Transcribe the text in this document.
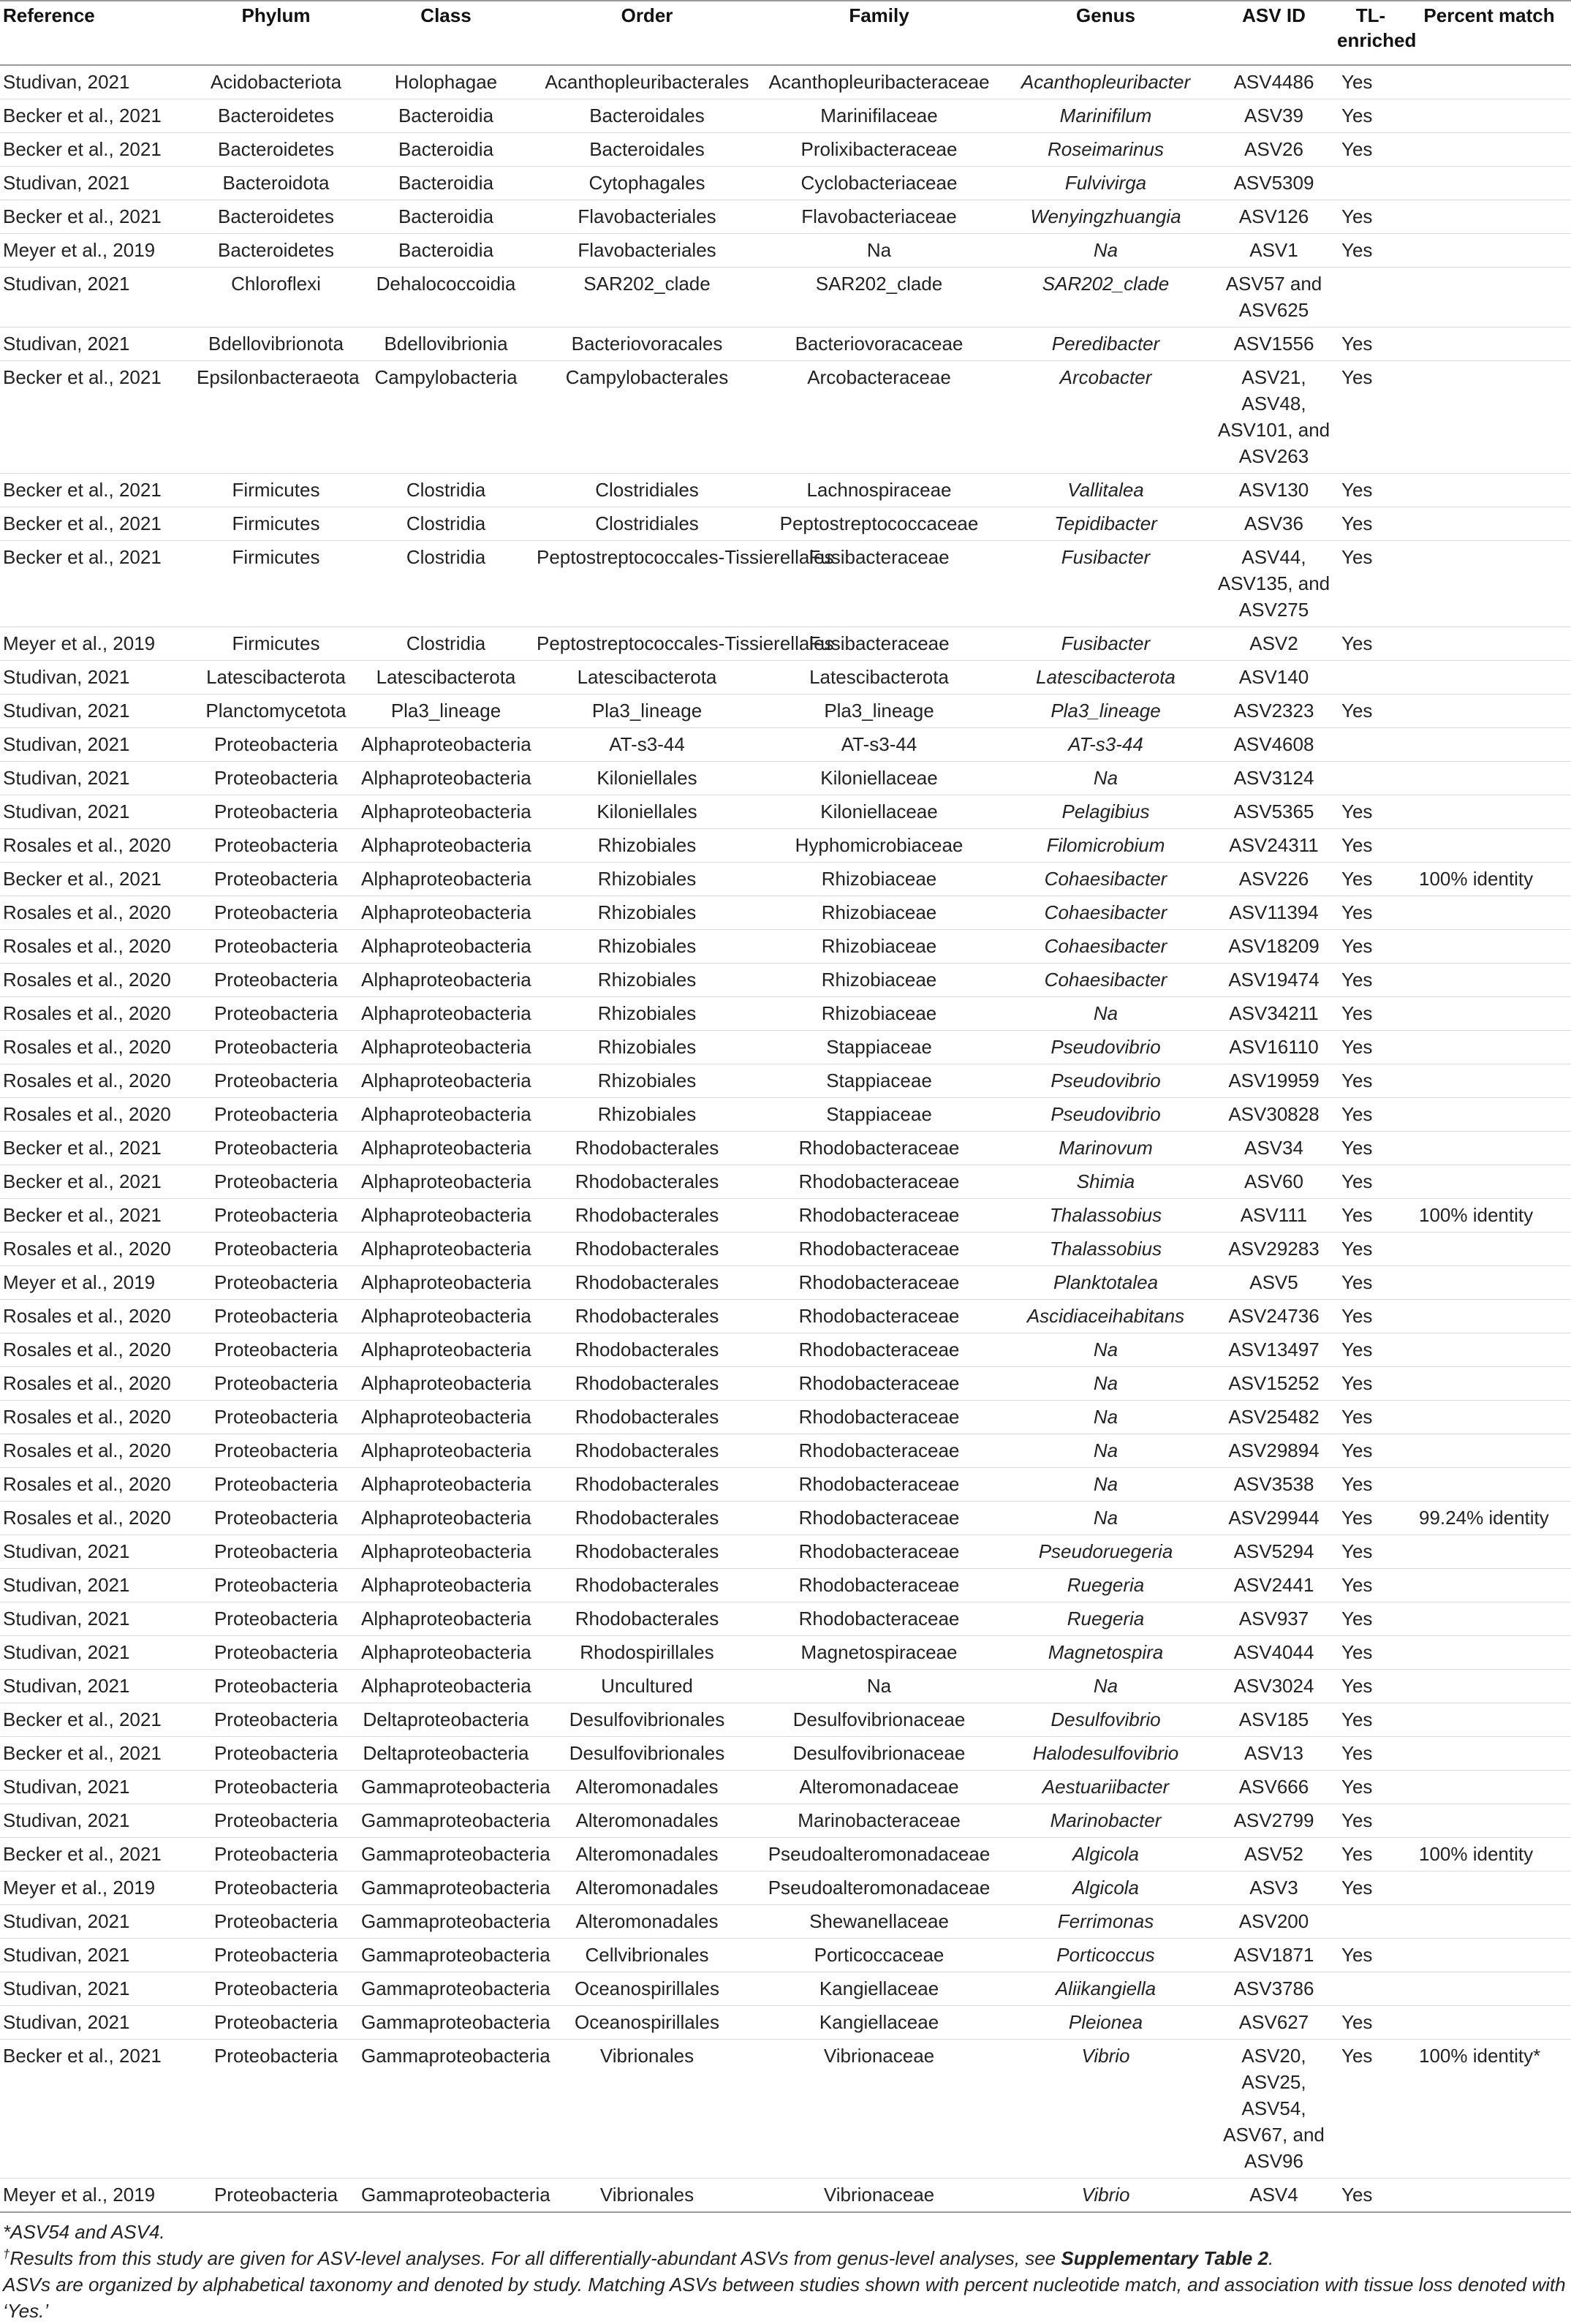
Reference	Phylum	Class	Order	Family	Genus	ASV ID	TL-enriched	Percent match
Studivan, 2021	Acidobacteriota	Holophagae	Acanthopleuribacterales	Acanthopleuribacteraceae	Acanthopleuribacter	ASV4486	Yes	
Becker et al., 2021	Bacteroidetes	Bacteroidia	Bacteroidales	Marinifilaceae	Marinifilum	ASV39	Yes	
Becker et al., 2021	Bacteroidetes	Bacteroidia	Bacteroidales	Prolixibacteraceae	Roseimarinus	ASV26	Yes	
Studivan, 2021	Bacteroidota	Bacteroidia	Cytophagales	Cyclobacteriaceae	Fulvivirga	ASV5309		
Becker et al., 2021	Bacteroidetes	Bacteroidia	Flavobacteriales	Flavobacteriaceae	Wenyingzhuangia	ASV126	Yes	
Meyer et al., 2019	Bacteroidetes	Bacteroidia	Flavobacteriales	Na	Na	ASV1	Yes	
Studivan, 2021	Chloroflexi	Dehalococcoidia	SAR202_clade	SAR202_clade	SAR202_clade	ASV57 and ASV625		
Studivan, 2021	Bdellovibrionota	Bdellovibrionia	Bacteriovoracales	Bacteriovoracaceae	Peredibacter	ASV1556	Yes	
Becker et al., 2021	Epsilonbacteraeota	Campylobacteria	Campylobacterales	Arcobacteraceae	Arcobacter	ASV21, ASV48, ASV101, and ASV263	Yes	
Becker et al., 2021	Firmicutes	Clostridia	Clostridiales	Lachnospiraceae	Vallitalea	ASV130	Yes	
Becker et al., 2021	Firmicutes	Clostridia	Clostridiales	Peptostreptococcaceae	Tepidibacter	ASV36	Yes	
Becker et al., 2021	Firmicutes	Clostridia	Peptostreptococcales-Tissierellales	Fusibacteraceae	Fusibacter	ASV44, ASV135, and ASV275	Yes	
Meyer et al., 2019	Firmicutes	Clostridia	Peptostreptococcales-Tissierellales	Fusibacteraceae	Fusibacter	ASV2	Yes	
Studivan, 2021	Latescibacterota	Latescibacterota	Latescibacterota	Latescibacterota	Latescibacterota	ASV140		
Studivan, 2021	Planctomycetota	Pla3_lineage	Pla3_lineage	Pla3_lineage	Pla3_lineage	ASV2323	Yes	
Studivan, 2021	Proteobacteria	Alphaproteobacteria	AT-s3-44	AT-s3-44	AT-s3-44	ASV4608		
Studivan, 2021	Proteobacteria	Alphaproteobacteria	Kiloniellales	Kiloniellaceae	Na	ASV3124		
Studivan, 2021	Proteobacteria	Alphaproteobacteria	Kiloniellales	Kiloniellaceae	Pelagibius	ASV5365	Yes	
Rosales et al., 2020	Proteobacteria	Alphaproteobacteria	Rhizobiales	Hyphomicrobiaceae	Filomicrobium	ASV24311	Yes	
Becker et al., 2021	Proteobacteria	Alphaproteobacteria	Rhizobiales	Rhizobiaceae	Cohaesibacter	ASV226	Yes	100% identity
Rosales et al., 2020	Proteobacteria	Alphaproteobacteria	Rhizobiales	Rhizobiaceae	Cohaesibacter	ASV11394	Yes	
Rosales et al., 2020	Proteobacteria	Alphaproteobacteria	Rhizobiales	Rhizobiaceae	Cohaesibacter	ASV18209	Yes	
Rosales et al., 2020	Proteobacteria	Alphaproteobacteria	Rhizobiales	Rhizobiaceae	Cohaesibacter	ASV19474	Yes	
Rosales et al., 2020	Proteobacteria	Alphaproteobacteria	Rhizobiales	Rhizobiaceae	Na	ASV34211	Yes	
Rosales et al., 2020	Proteobacteria	Alphaproteobacteria	Rhizobiales	Stappiaceae	Pseudovibrio	ASV16110	Yes	
Rosales et al., 2020	Proteobacteria	Alphaproteobacteria	Rhizobiales	Stappiaceae	Pseudovibrio	ASV19959	Yes	
Rosales et al., 2020	Proteobacteria	Alphaproteobacteria	Rhizobiales	Stappiaceae	Pseudovibrio	ASV30828	Yes	
Becker et al., 2021	Proteobacteria	Alphaproteobacteria	Rhodobacterales	Rhodobacteraceae	Marinovum	ASV34	Yes	
Becker et al., 2021	Proteobacteria	Alphaproteobacteria	Rhodobacterales	Rhodobacteraceae	Shimia	ASV60	Yes	
Becker et al., 2021	Proteobacteria	Alphaproteobacteria	Rhodobacterales	Rhodobacteraceae	Thalassobius	ASV111	Yes	100% identity
Rosales et al., 2020	Proteobacteria	Alphaproteobacteria	Rhodobacterales	Rhodobacteraceae	Thalassobius	ASV29283	Yes	
Meyer et al., 2019	Proteobacteria	Alphaproteobacteria	Rhodobacterales	Rhodobacteraceae	Planktotalea	ASV5	Yes	
Rosales et al., 2020	Proteobacteria	Alphaproteobacteria	Rhodobacterales	Rhodobacteraceae	Ascidiaceihabitans	ASV24736	Yes	
Rosales et al., 2020	Proteobacteria	Alphaproteobacteria	Rhodobacterales	Rhodobacteraceae	Na	ASV13497	Yes	
Rosales et al., 2020	Proteobacteria	Alphaproteobacteria	Rhodobacterales	Rhodobacteraceae	Na	ASV15252	Yes	
Rosales et al., 2020	Proteobacteria	Alphaproteobacteria	Rhodobacterales	Rhodobacteraceae	Na	ASV25482	Yes	
Rosales et al., 2020	Proteobacteria	Alphaproteobacteria	Rhodobacterales	Rhodobacteraceae	Na	ASV29894	Yes	
Rosales et al., 2020	Proteobacteria	Alphaproteobacteria	Rhodobacterales	Rhodobacteraceae	Na	ASV3538	Yes	
Rosales et al., 2020	Proteobacteria	Alphaproteobacteria	Rhodobacterales	Rhodobacteraceae	Na	ASV29944	Yes	99.24% identity
Studivan, 2021	Proteobacteria	Alphaproteobacteria	Rhodobacterales	Rhodobacteraceae	Pseudoruegeria	ASV5294	Yes	
Studivan, 2021	Proteobacteria	Alphaproteobacteria	Rhodobacterales	Rhodobacteraceae	Ruegeria	ASV2441	Yes	
Studivan, 2021	Proteobacteria	Alphaproteobacteria	Rhodobacterales	Rhodobacteraceae	Ruegeria	ASV937	Yes	
Studivan, 2021	Proteobacteria	Alphaproteobacteria	Rhodospirillales	Magnetospiraceae	Magnetospira	ASV4044	Yes	
Studivan, 2021	Proteobacteria	Alphaproteobacteria	Uncultured	Na	Na	ASV3024	Yes	
Becker et al., 2021	Proteobacteria	Deltaproteobacteria	Desulfovibrionales	Desulfovibrionaceae	Desulfovibrio	ASV185	Yes	
Becker et al., 2021	Proteobacteria	Deltaproteobacteria	Desulfovibrionales	Desulfovibrionaceae	Halodesulfovibrio	ASV13	Yes	
Studivan, 2021	Proteobacteria	Gammaproteobacteria	Alteromonadales	Alteromonadaceae	Aestuariibacter	ASV666	Yes	
Studivan, 2021	Proteobacteria	Gammaproteobacteria	Alteromonadales	Marinobacteraceae	Marinobacter	ASV2799	Yes	
Becker et al., 2021	Proteobacteria	Gammaproteobacteria	Alteromonadales	Pseudoalteromonadaceae	Algicola	ASV52	Yes	100% identity
Meyer et al., 2019	Proteobacteria	Gammaproteobacteria	Alteromonadales	Pseudoalteromonadaceae	Algicola	ASV3	Yes	
Studivan, 2021	Proteobacteria	Gammaproteobacteria	Alteromonadales	Shewanellaceae	Ferrimonas	ASV200		
Studivan, 2021	Proteobacteria	Gammaproteobacteria	Cellvibrionales	Porticoccaceae	Porticoccus	ASV1871	Yes	
Studivan, 2021	Proteobacteria	Gammaproteobacteria	Oceanospirillales	Kangiellaceae	Aliikangiella	ASV3786		
Studivan, 2021	Proteobacteria	Gammaproteobacteria	Oceanospirillales	Kangiellaceae	Pleionea	ASV627	Yes	
Becker et al., 2021	Proteobacteria	Gammaproteobacteria	Vibrionales	Vibrionaceae	Vibrio	ASV20, ASV25, ASV54, ASV67, and ASV96	Yes	100% identity*
Meyer et al., 2019	Proteobacteria	Gammaproteobacteria	Vibrionales	Vibrionaceae	Vibrio	ASV4	Yes	

*ASV54 and ASV4.

†Results from this study are given for ASV-level analyses. For all differentially-abundant ASVs from genus-level analyses, see Supplementary Table 2.

ASVs are organized by alphabetical taxonomy and denoted by study. Matching ASVs between studies shown with percent nucleotide match, and association with tissue loss denoted with ‘Yes.’
